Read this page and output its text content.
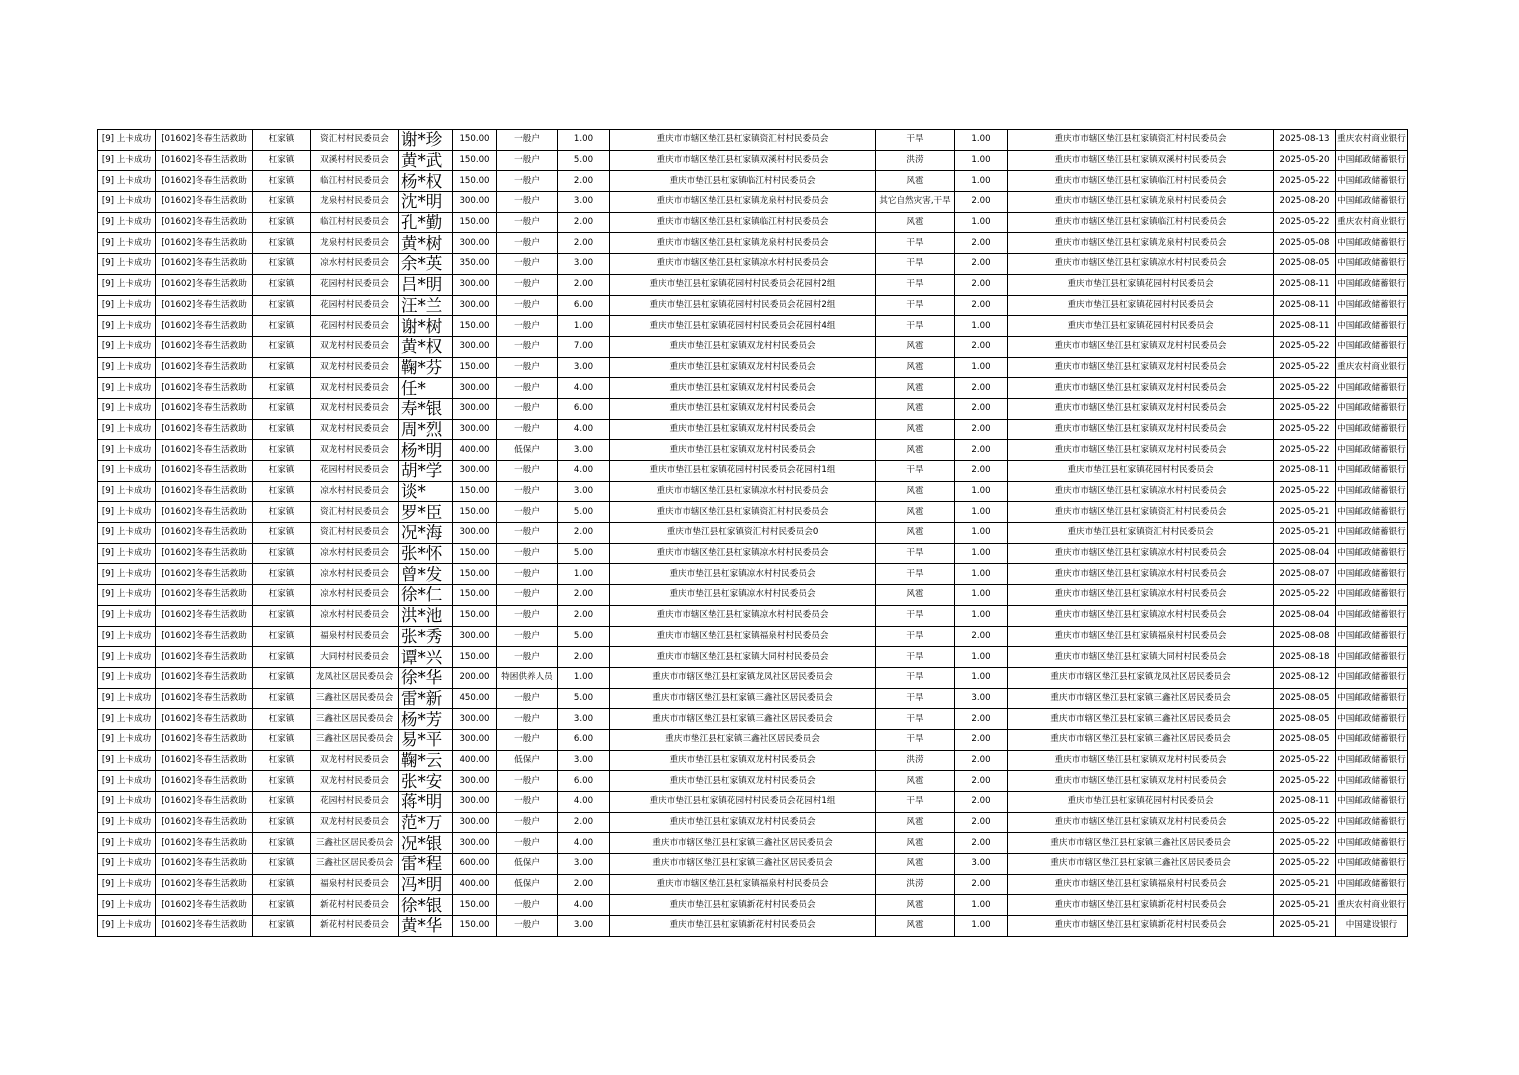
[9] 上卡成功	[01602]冬春生活救助	杠家镇	资汇村村民委员会	谢*珍	150.00	一般户	1.00	重庆市市辖区垫江县杠家镇资汇村村民委员会	干旱	1.00	重庆市市辖区垫江县杠家镇资汇村村民委员会	2025-08-13	重庆农村商业银行
[9] 上卡成功	[01602]冬春生活救助	杠家镇	双溪村村民委员会	黄*武	150.00	一般户	5.00	重庆市市辖区垫江县杠家镇双溪村村民委员会	洪涝	1.00	重庆市市辖区垫江县杠家镇双溪村村民委员会	2025-05-20	中国邮政储蓄银行
[9] 上卡成功	[01602]冬春生活救助	杠家镇	临江村村民委员会	杨*权	150.00	一般户	2.00	重庆市垫江县杠家镇临江村村民委员会	风雹	1.00	重庆市市辖区垫江县杠家镇临江村村民委员会	2025-05-22	中国邮政储蓄银行
[9] 上卡成功	[01602]冬春生活救助	杠家镇	龙泉村村民委员会	沈*明	300.00	一般户	3.00	重庆市市辖区垫江县杠家镇龙泉村村民委员会	其它自然灾害,干旱	2.00	重庆市市辖区垫江县杠家镇龙泉村村民委员会	2025-08-20	中国邮政储蓄银行
[9] 上卡成功	[01602]冬春生活救助	杠家镇	临江村村民委员会	孔*勤	150.00	一般户	2.00	重庆市市辖区垫江县杠家镇临江村村民委员会	风雹	1.00	重庆市市辖区垫江县杠家镇临江村村民委员会	2025-05-22	重庆农村商业银行
[9] 上卡成功	[01602]冬春生活救助	杠家镇	龙泉村村民委员会	黄*树	300.00	一般户	2.00	重庆市市辖区垫江县杠家镇龙泉村村民委员会	干旱	2.00	重庆市市辖区垫江县杠家镇龙泉村村民委员会	2025-05-08	中国邮政储蓄银行
[9] 上卡成功	[01602]冬春生活救助	杠家镇	凉水村村民委员会	余*英	350.00	一般户	3.00	重庆市市辖区垫江县杠家镇凉水村村民委员会	干旱	2.00	重庆市市辖区垫江县杠家镇凉水村村民委员会	2025-08-05	中国邮政储蓄银行
[9] 上卡成功	[01602]冬春生活救助	杠家镇	花园村村民委员会	吕*明	300.00	一般户	2.00	重庆市垫江县杠家镇花园村村民委员会花园村2组	干旱	2.00	重庆市垫江县杠家镇花园村村民委员会	2025-08-11	中国邮政储蓄银行
[9] 上卡成功	[01602]冬春生活救助	杠家镇	花园村村民委员会	汪*兰	300.00	一般户	6.00	重庆市垫江县杠家镇花园村村民委员会花园村2组	干旱	2.00	重庆市垫江县杠家镇花园村村民委员会	2025-08-11	中国邮政储蓄银行
[9] 上卡成功	[01602]冬春生活救助	杠家镇	花园村村民委员会	谢*树	150.00	一般户	1.00	重庆市垫江县杠家镇花园村村民委员会花园村4组	干旱	1.00	重庆市垫江县杠家镇花园村村民委员会	2025-08-11	中国邮政储蓄银行
[9] 上卡成功	[01602]冬春生活救助	杠家镇	双龙村村民委员会	黄*权	300.00	一般户	7.00	重庆市垫江县杠家镇双龙村村民委员会	风雹	2.00	重庆市市辖区垫江县杠家镇双龙村村民委员会	2025-05-22	中国邮政储蓄银行
[9] 上卡成功	[01602]冬春生活救助	杠家镇	双龙村村民委员会	鞠*芬	150.00	一般户	3.00	重庆市垫江县杠家镇双龙村村民委员会	风雹	1.00	重庆市市辖区垫江县杠家镇双龙村村民委员会	2025-05-22	重庆农村商业银行
[9] 上卡成功	[01602]冬春生活救助	杠家镇	双龙村村民委员会	任*	300.00	一般户	4.00	重庆市垫江县杠家镇双龙村村民委员会	风雹	2.00	重庆市市辖区垫江县杠家镇双龙村村民委员会	2025-05-22	中国邮政储蓄银行
[9] 上卡成功	[01602]冬春生活救助	杠家镇	双龙村村民委员会	寿*银	300.00	一般户	6.00	重庆市垫江县杠家镇双龙村村民委员会	风雹	2.00	重庆市市辖区垫江县杠家镇双龙村村民委员会	2025-05-22	中国邮政储蓄银行
[9] 上卡成功	[01602]冬春生活救助	杠家镇	双龙村村民委员会	周*烈	300.00	一般户	4.00	重庆市垫江县杠家镇双龙村村民委员会	风雹	2.00	重庆市市辖区垫江县杠家镇双龙村村民委员会	2025-05-22	中国邮政储蓄银行
[9] 上卡成功	[01602]冬春生活救助	杠家镇	双龙村村民委员会	杨*明	400.00	低保户	3.00	重庆市垫江县杠家镇双龙村村民委员会	风雹	2.00	重庆市市辖区垫江县杠家镇双龙村村民委员会	2025-05-22	中国邮政储蓄银行
[9] 上卡成功	[01602]冬春生活救助	杠家镇	花园村村民委员会	胡*学	300.00	一般户	4.00	重庆市垫江县杠家镇花园村村民委员会花园村1组	干旱	2.00	重庆市垫江县杠家镇花园村村民委员会	2025-08-11	中国邮政储蓄银行
[9] 上卡成功	[01602]冬春生活救助	杠家镇	凉水村村民委员会	谈*	150.00	一般户	3.00	重庆市市辖区垫江县杠家镇凉水村村民委员会	风雹	1.00	重庆市市辖区垫江县杠家镇凉水村村民委员会	2025-05-22	中国邮政储蓄银行
[9] 上卡成功	[01602]冬春生活救助	杠家镇	资汇村村民委员会	罗*臣	150.00	一般户	5.00	重庆市市辖区垫江县杠家镇资汇村村民委员会	风雹	1.00	重庆市市辖区垫江县杠家镇资汇村村民委员会	2025-05-21	中国邮政储蓄银行
[9] 上卡成功	[01602]冬春生活救助	杠家镇	资汇村村民委员会	况*海	300.00	一般户	2.00	重庆市垫江县杠家镇资汇村村民委员会0	风雹	1.00	重庆市垫江县杠家镇资汇村村民委员会	2025-05-21	中国邮政储蓄银行
[9] 上卡成功	[01602]冬春生活救助	杠家镇	凉水村村民委员会	张*怀	150.00	一般户	5.00	重庆市市辖区垫江县杠家镇凉水村村民委员会	干旱	1.00	重庆市市辖区垫江县杠家镇凉水村村民委员会	2025-08-04	中国邮政储蓄银行
[9] 上卡成功	[01602]冬春生活救助	杠家镇	凉水村村民委员会	曾*发	150.00	一般户	1.00	重庆市垫江县杠家镇凉水村村民委员会	干旱	1.00	重庆市市辖区垫江县杠家镇凉水村村民委员会	2025-08-07	中国邮政储蓄银行
[9] 上卡成功	[01602]冬春生活救助	杠家镇	凉水村村民委员会	徐*仁	150.00	一般户	2.00	重庆市垫江县杠家镇凉水村村民委员会	风雹	1.00	重庆市市辖区垫江县杠家镇凉水村村民委员会	2025-05-22	中国邮政储蓄银行
[9] 上卡成功	[01602]冬春生活救助	杠家镇	凉水村村民委员会	洪*池	150.00	一般户	2.00	重庆市市辖区垫江县杠家镇凉水村村民委员会	干旱	1.00	重庆市市辖区垫江县杠家镇凉水村村民委员会	2025-08-04	中国邮政储蓄银行
[9] 上卡成功	[01602]冬春生活救助	杠家镇	福泉村村民委员会	张*秀	300.00	一般户	5.00	重庆市市辖区垫江县杠家镇福泉村村民委员会	干旱	2.00	重庆市市辖区垫江县杠家镇福泉村村民委员会	2025-08-08	中国邮政储蓄银行
[9] 上卡成功	[01602]冬春生活救助	杠家镇	大同村村民委员会	谭*兴	150.00	一般户	2.00	重庆市市辖区垫江县杠家镇大同村村民委员会	干旱	1.00	重庆市市辖区垫江县杠家镇大同村村民委员会	2025-08-18	中国邮政储蓄银行
[9] 上卡成功	[01602]冬春生活救助	杠家镇	龙凤社区居民委员会	徐*华	200.00	特困供养人员	1.00	重庆市市辖区垫江县杠家镇龙凤社区居民委员会	干旱	1.00	重庆市市辖区垫江县杠家镇龙凤社区居民委员会	2025-08-12	中国邮政储蓄银行
[9] 上卡成功	[01602]冬春生活救助	杠家镇	三鑫社区居民委员会	雷*新	450.00	一般户	5.00	重庆市市辖区垫江县杠家镇三鑫社区居民委员会	干旱	3.00	重庆市市辖区垫江县杠家镇三鑫社区居民委员会	2025-08-05	中国邮政储蓄银行
[9] 上卡成功	[01602]冬春生活救助	杠家镇	三鑫社区居民委员会	杨*芳	300.00	一般户	3.00	重庆市市辖区垫江县杠家镇三鑫社区居民委员会	干旱	2.00	重庆市市辖区垫江县杠家镇三鑫社区居民委员会	2025-08-05	中国邮政储蓄银行
[9] 上卡成功	[01602]冬春生活救助	杠家镇	三鑫社区居民委员会	易*平	300.00	一般户	6.00	重庆市垫江县杠家镇三鑫社区居民委员会	干旱	2.00	重庆市市辖区垫江县杠家镇三鑫社区居民委员会	2025-08-05	中国邮政储蓄银行
[9] 上卡成功	[01602]冬春生活救助	杠家镇	双龙村村民委员会	鞠*云	400.00	低保户	3.00	重庆市垫江县杠家镇双龙村村民委员会	洪涝	2.00	重庆市市辖区垫江县杠家镇双龙村村民委员会	2025-05-22	中国邮政储蓄银行
[9] 上卡成功	[01602]冬春生活救助	杠家镇	双龙村村民委员会	张*安	300.00	一般户	6.00	重庆市垫江县杠家镇双龙村村民委员会	风雹	2.00	重庆市市辖区垫江县杠家镇双龙村村民委员会	2025-05-22	中国邮政储蓄银行
[9] 上卡成功	[01602]冬春生活救助	杠家镇	花园村村民委员会	蒋*明	300.00	一般户	4.00	重庆市垫江县杠家镇花园村村民委员会花园村1组	干旱	2.00	重庆市垫江县杠家镇花园村村民委员会	2025-08-11	中国邮政储蓄银行
[9] 上卡成功	[01602]冬春生活救助	杠家镇	双龙村村民委员会	范*万	300.00	一般户	2.00	重庆市垫江县杠家镇双龙村村民委员会	风雹	2.00	重庆市市辖区垫江县杠家镇双龙村村民委员会	2025-05-22	中国邮政储蓄银行
[9] 上卡成功	[01602]冬春生活救助	杠家镇	三鑫社区居民委员会	况*银	300.00	一般户	4.00	重庆市市辖区垫江县杠家镇三鑫社区居民委员会	风雹	2.00	重庆市市辖区垫江县杠家镇三鑫社区居民委员会	2025-05-22	中国邮政储蓄银行
[9] 上卡成功	[01602]冬春生活救助	杠家镇	三鑫社区居民委员会	雷*程	600.00	低保户	3.00	重庆市市辖区垫江县杠家镇三鑫社区居民委员会	风雹	3.00	重庆市市辖区垫江县杠家镇三鑫社区居民委员会	2025-05-22	中国邮政储蓄银行
[9] 上卡成功	[01602]冬春生活救助	杠家镇	福泉村村民委员会	冯*明	400.00	低保户	2.00	重庆市市辖区垫江县杠家镇福泉村村民委员会	洪涝	2.00	重庆市市辖区垫江县杠家镇福泉村村民委员会	2025-05-21	中国邮政储蓄银行
[9] 上卡成功	[01602]冬春生活救助	杠家镇	新花村村民委员会	徐*银	150.00	一般户	4.00	重庆市垫江县杠家镇新花村村民委员会	风雹	1.00	重庆市市辖区垫江县杠家镇新花村村民委员会	2025-05-21	重庆农村商业银行
[9] 上卡成功	[01602]冬春生活救助	杠家镇	新花村村民委员会	黄*华	150.00	一般户	3.00	重庆市垫江县杠家镇新花村村民委员会	风雹	1.00	重庆市市辖区垫江县杠家镇新花村村民委员会	2025-05-21	中国建设银行
